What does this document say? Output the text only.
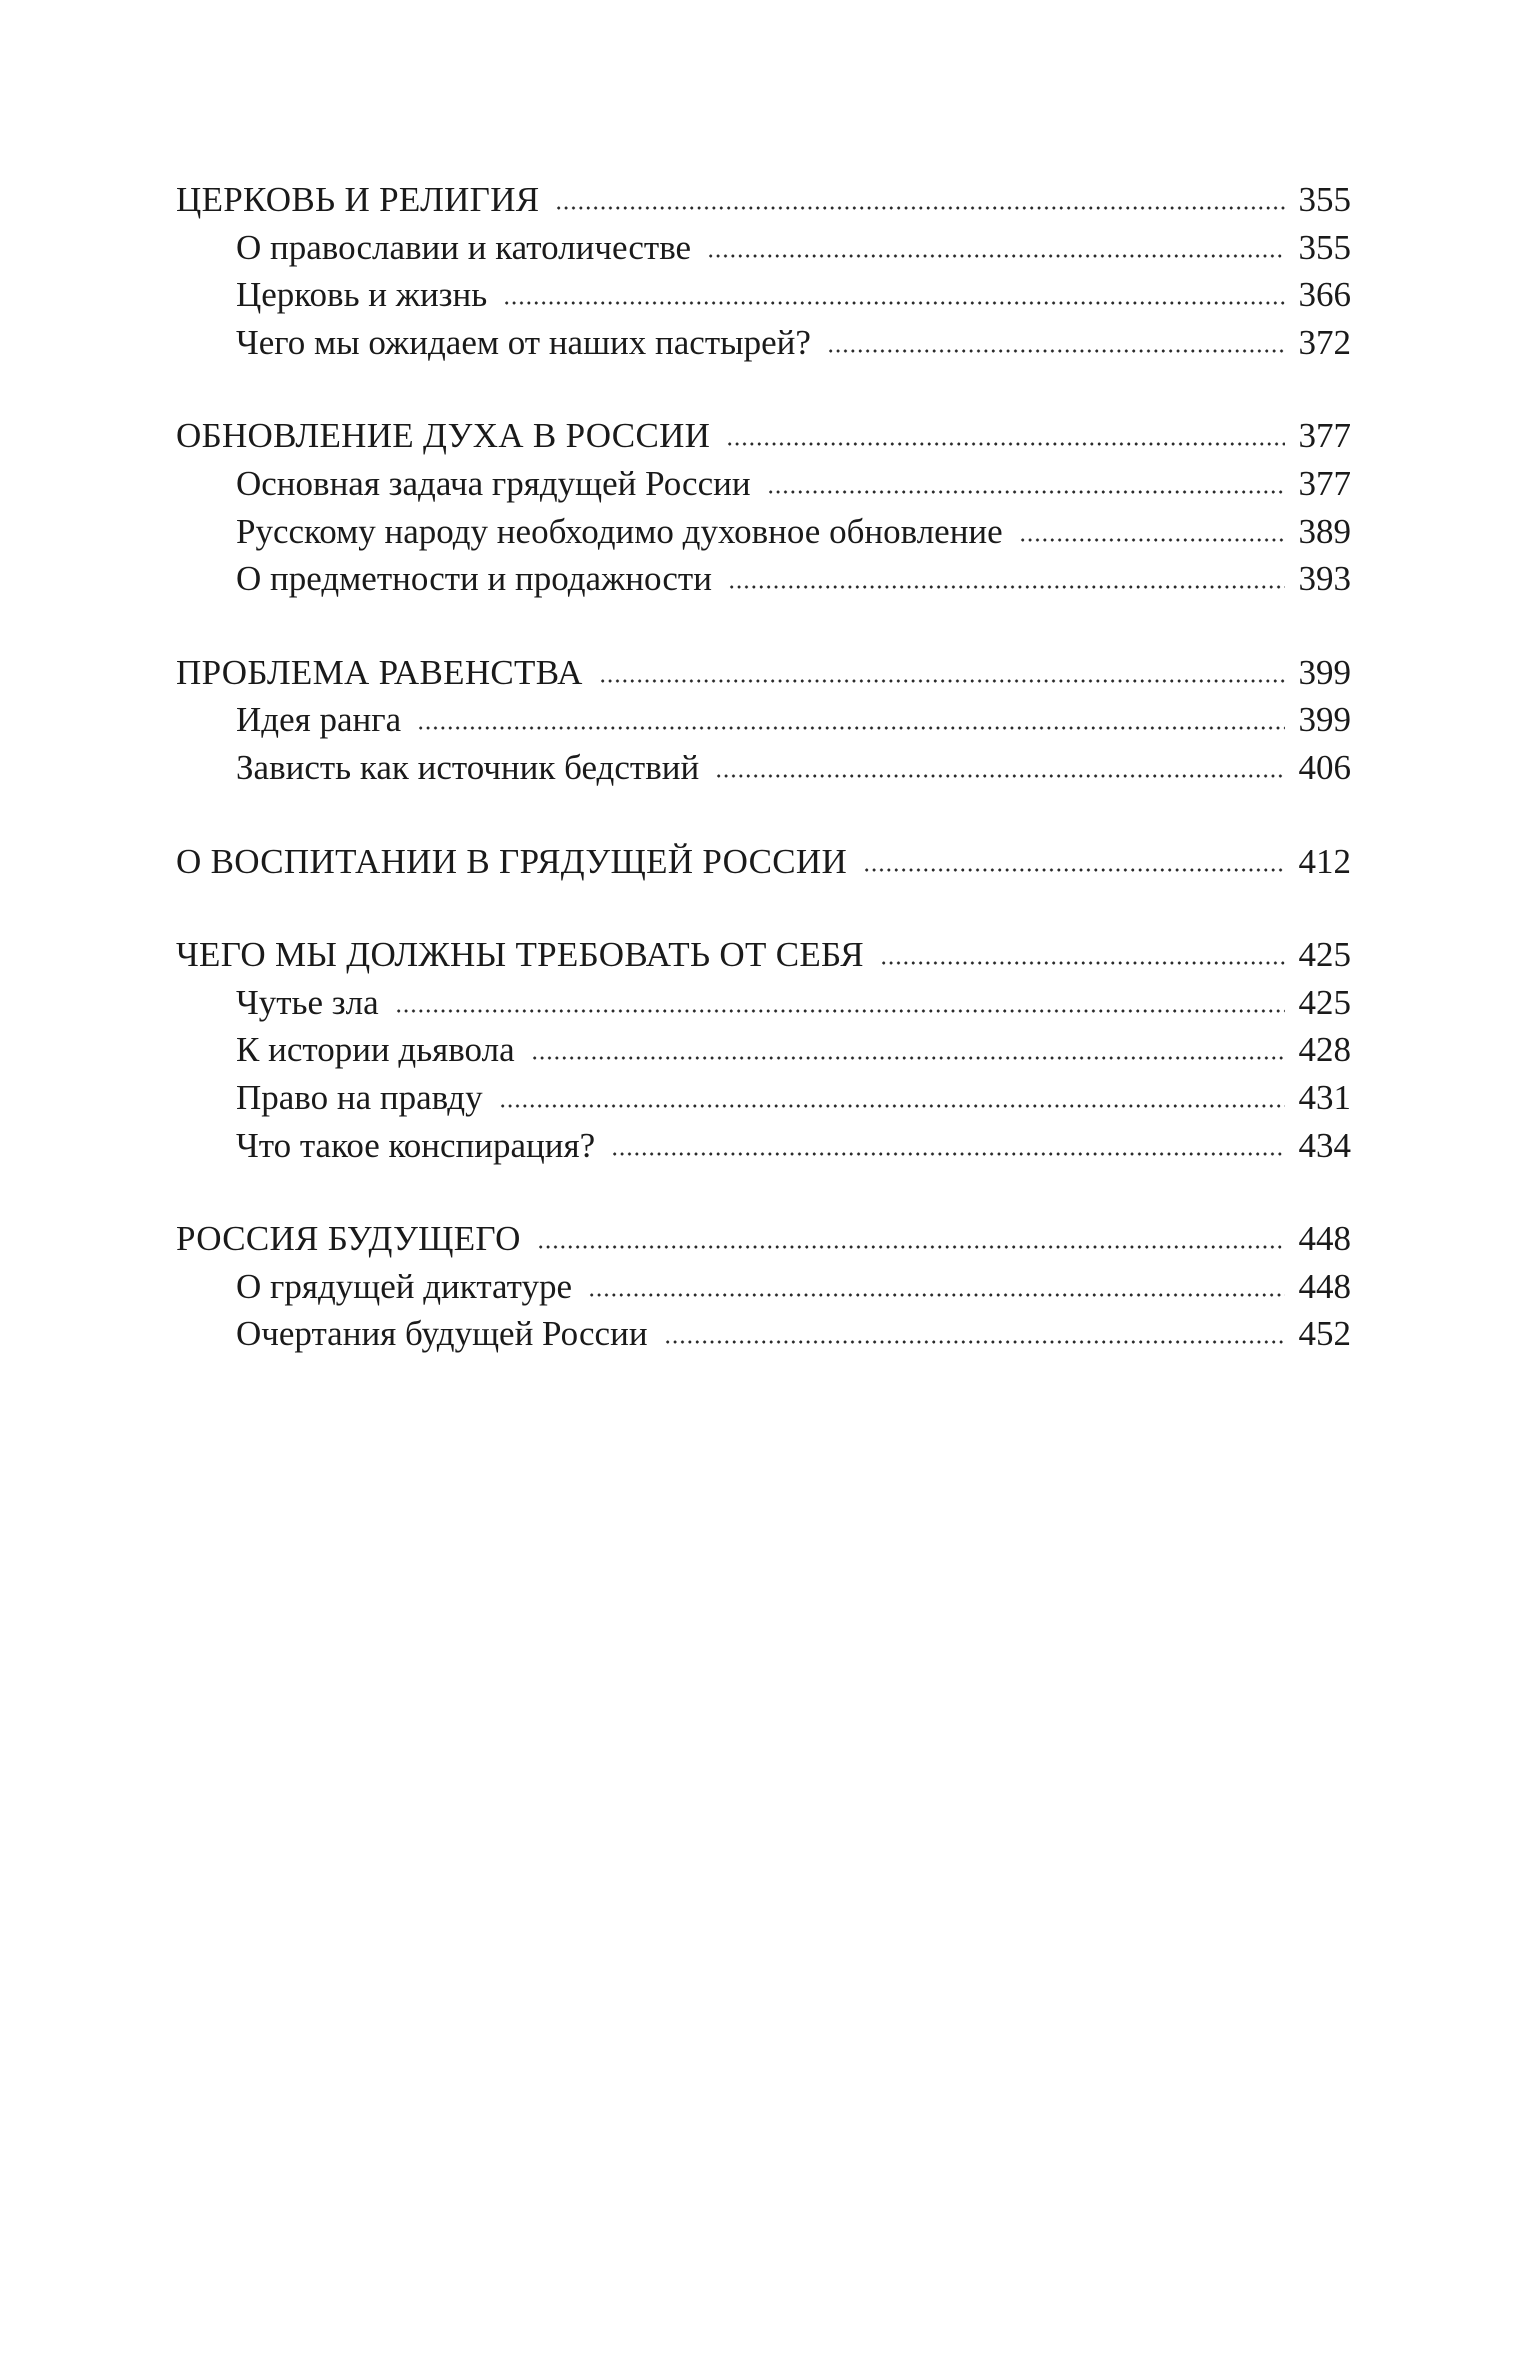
ЦЕРКОВЬ И РЕЛИГИЯ	355
О православии и католичестве	355
Церковь и жизнь	366
Чего мы ожидаем от наших пастырей?	372
ОБНОВЛЕНИЕ ДУХА В РОССИИ	377
Основная задача грядущей России	377
Русскому народу необходимо духовное обновление	389
О предметности и продажности	393
ПРОБЛЕМА РАВЕНСТВА	399
Идея ранга	399
Зависть как источник бедствий	406
О ВОСПИТАНИИ В ГРЯДУЩЕЙ РОССИИ	412
ЧЕГО МЫ ДОЛЖНЫ ТРЕБОВАТЬ ОТ СЕБЯ	425
Чутье зла	425
К истории дьявола	428
Право на правду	431
Что такое конспирация?	434
РОССИЯ БУДУЩЕГО	448
О грядущей диктатуре	448
Очертания будущей России	452
